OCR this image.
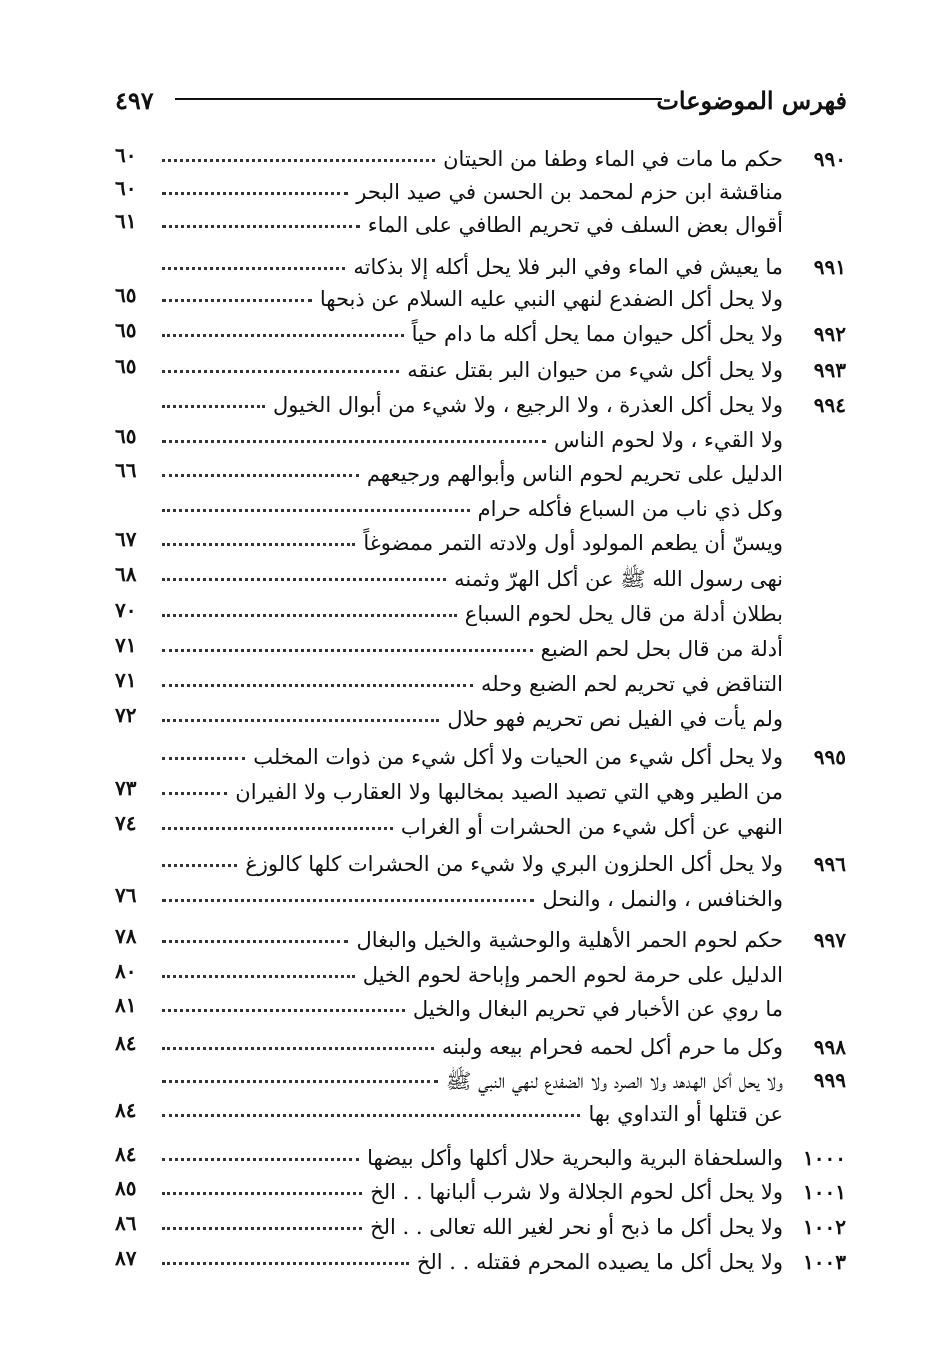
فهرس الموضوعات
٤٩٧
٩٩٠
حكم ما مات في الماء وطفا من الحيتان
٦٠
مناقشة ابن حزم لمحمد بن الحسن في صيد البحر
٦٠
أقوال بعض السلف في تحريم الطافي على الماء
٦١
٩٩١
ما يعيش في الماء وفي البر فلا يحل أكله إلا بذكاته
ولا يحل أكل الضفدع لنهي النبي عليه السلام عن ذبحها
٦٥
٩٩٢
ولا يحل أكل حيوان مما يحل أكله ما دام حياً
٦٥
٩٩٣
ولا يحل أكل شيء من حيوان البر بقتل عنقه
٦٥
٩٩٤
ولا يحل أكل العذرة ، ولا الرجيع ، ولا شيء من أبوال الخيول
ولا القيء ، ولا لحوم الناس
٦٥
الدليل على تحريم لحوم الناس وأبوالهم ورجيعهم
٦٦
وكل ذي ناب من السباع فأكله حرام
ويسنّ أن يطعم المولود أول ولادته التمر ممضوغاً
٦٧
نهى رسول الله ﷺ عن أكل الهرّ وثمنه
٦٨
بطلان أدلة من قال يحل لحوم السباع
٧٠
أدلة من قال بحل لحم الضبع
٧١
التناقض في تحريم لحم الضبع وحله
٧١
ولم يأت في الفيل نص تحريم فهو حلال
٧٢
٩٩٥
ولا يحل أكل شيء من الحيات ولا أكل شيء من ذوات المخلب
من الطير وهي التي تصيد الصيد بمخالبها ولا العقارب ولا الفيران
٧٣
النهي عن أكل شيء من الحشرات أو الغراب
٧٤
٩٩٦
ولا يحل أكل الحلزون البري ولا شيء من الحشرات كلها كالوزغ
والخنافس ، والنمل ، والنحل
٧٦
٩٩٧
حكم لحوم الحمر الأهلية والوحشية والخيل والبغال
٧٨
الدليل على حرمة لحوم الحمر وإباحة لحوم الخيل
٨٠
ما روي عن الأخبار في تحريم البغال والخيل
٨١
٩٩٨
وكل ما حرم أكل لحمه فحرام بيعه ولبنه
٨٤
٩٩٩
ولا يحل أكل الهدهد ولا الصرد ولا الضفدع لنهي النبي ﷺ
عن قتلها أو التداوي بها
٨٤
١٠٠٠
والسلحفاة البرية والبحرية حلال أكلها وأكل بيضها
٨٤
١٠٠١
ولا يحل أكل لحوم الجلالة ولا شرب ألبانها . . الخ
٨٥
١٠٠٢
ولا يحل أكل ما ذبح أو نحر لغير الله تعالى . . الخ
٨٦
١٠٠٣
ولا يحل أكل ما يصيده المحرم فقتله . . الخ
٨٧
